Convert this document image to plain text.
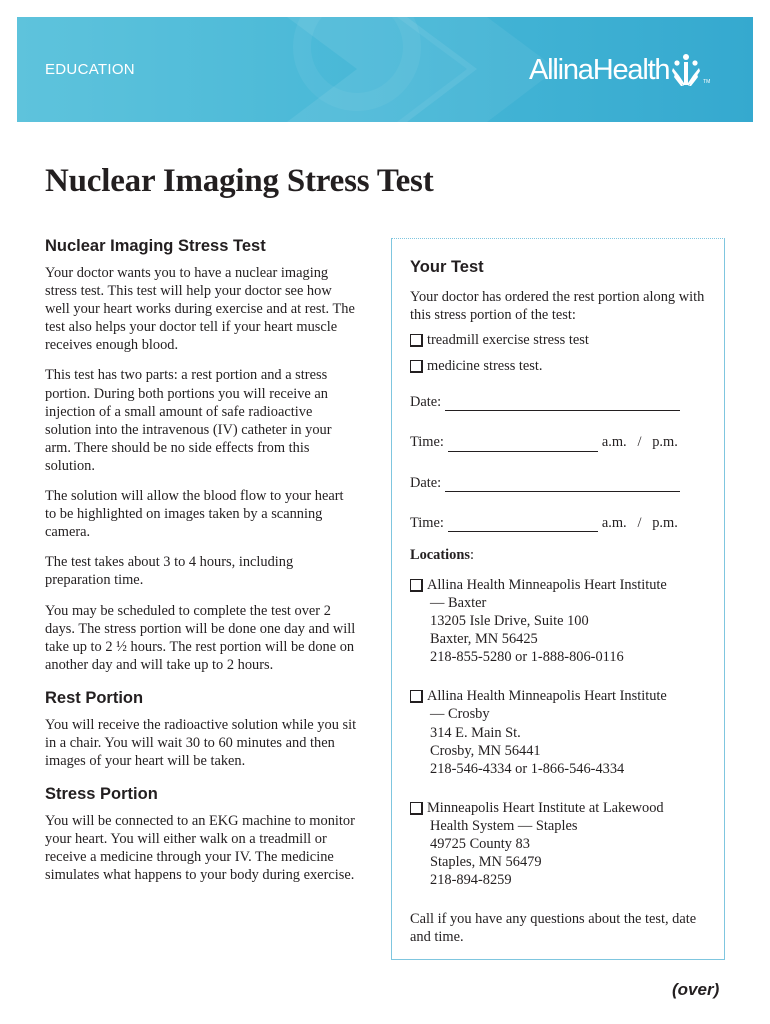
EDUCATION	AllinaHealth	TM
Nuclear Imaging Stress Test
Nuclear Imaging Stress Test

Your doctor wants you to have a nuclear imaging stress test. This test will help your doctor see how well your heart works during exercise and at rest. The test also helps your doctor tell if your heart muscle receives enough blood.

This test has two parts: a rest portion and a stress portion. During both portions you will receive an injection of a small amount of safe radioactive solution into the intravenous (IV) catheter in your arm. There should be no side effects from this solution.

The solution will allow the blood flow to your heart to be highlighted on images taken by a scanning camera.

The test takes about 3 to 4 hours, including preparation time.

You may be scheduled to complete the test over 2 days. The stress portion will be done one day and will take up to 2 ½ hours. The rest portion will be done on another day and will take up to 2 hours.

Rest Portion

You will receive the radioactive solution while you sit in a chair. You will wait 30 to 60 minutes and then images of your heart will be taken.

Stress Portion

You will be connected to an EKG machine to monitor your heart. You will either walk on a treadmill or receive a medicine through your IV. The medicine simulates what happens to your body during exercise.

Your Test

Your doctor has ordered the rest portion along with this stress portion of the test:

treadmill exercise stress test
medicine stress test.
Date:
Time:	a.m.   /   p.m.
Date:
Time:	a.m.   /   p.m.
Locations:
Allina Health Minneapolis Heart Institute
— Baxter
13205 Isle Drive, Suite 100
Baxter, MN 56425
218-855-5280 or 1-888-806-0116
Allina Health Minneapolis Heart Institute
— Crosby
314 E. Main St.
Crosby, MN 56441
218-546-4334 or 1-866-546-4334
Minneapolis Heart Institute at Lakewood
Health System — Staples
49725 County 83
Staples, MN 56479
218-894-8259

Call if you have any questions about the test, date and time.

(over)
